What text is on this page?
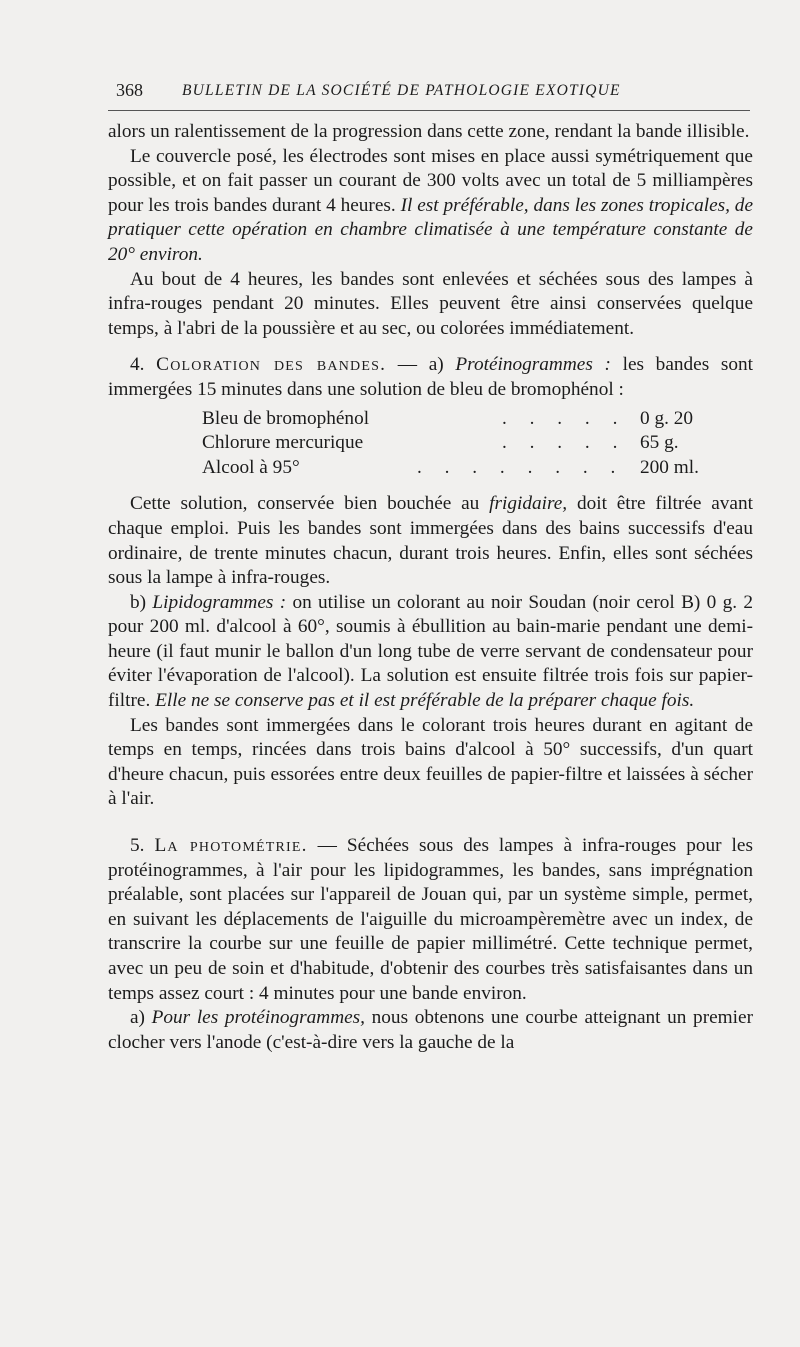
368	BULLETIN DE LA SOCIÉTÉ DE PATHOLOGIE EXOTIQUE

alors un ralentissement de la progression dans cette zone, rendant la bande illisible.

Le couvercle posé, les électrodes sont mises en place aussi symétriquement que possible, et on fait passer un courant de 300 volts avec un total de 5 milliampères pour les trois bandes durant 4 heures. Il est préférable, dans les zones tropicales, de pratiquer cette opération en chambre climatisée à une température constante de 20° environ.

Au bout de 4 heures, les bandes sont enlevées et séchées sous des lampes à infra-rouges pendant 20 minutes. Elles peuvent être ainsi conservées quelque temps, à l'abri de la poussière et au sec, ou colorées immédiatement.

4. Coloration des bandes. — a) Protéinogrammes : les bandes sont immergées 15 minutes dans une solution de bleu de bromophénol :

Bleu de bromophénol	. . . . . 0 g. 20
Chlorure mercurique	. . . . . 65 g.
Alcool à 95°	. . . . . . . . 200 ml.

Cette solution, conservée bien bouchée au frigidaire, doit être filtrée avant chaque emploi. Puis les bandes sont immergées dans des bains successifs d'eau ordinaire, de trente minutes chacun, durant trois heures. Enfin, elles sont séchées sous la lampe à infra-rouges.

b) Lipidogrammes : on utilise un colorant au noir Soudan (noir cerol B) 0 g. 2 pour 200 ml. d'alcool à 60°, soumis à ébullition au bain-marie pendant une demi-heure (il faut munir le ballon d'un long tube de verre servant de condensateur pour éviter l'évaporation de l'alcool). La solution est ensuite filtrée trois fois sur papier-filtre. Elle ne se conserve pas et il est préférable de la préparer chaque fois.

Les bandes sont immergées dans le colorant trois heures durant en agitant de temps en temps, rincées dans trois bains d'alcool à 50° successifs, d'un quart d'heure chacun, puis essorées entre deux feuilles de papier-filtre et laissées à sécher à l'air.

5. La photométrie. — Séchées sous des lampes à infra-rouges pour les protéinogrammes, à l'air pour les lipidogrammes, les bandes, sans imprégnation préalable, sont placées sur l'appareil de Jouan qui, par un système simple, permet, en suivant les déplacements de l'aiguille du microampèremètre avec un index, de transcrire la courbe sur une feuille de papier millimétré. Cette technique permet, avec un peu de soin et d'habitude, d'obtenir des courbes très satisfaisantes dans un temps assez court : 4 minutes pour une bande environ.

a) Pour les protéinogrammes, nous obtenons une courbe atteignant un premier clocher vers l'anode (c'est-à-dire vers la gauche de la
